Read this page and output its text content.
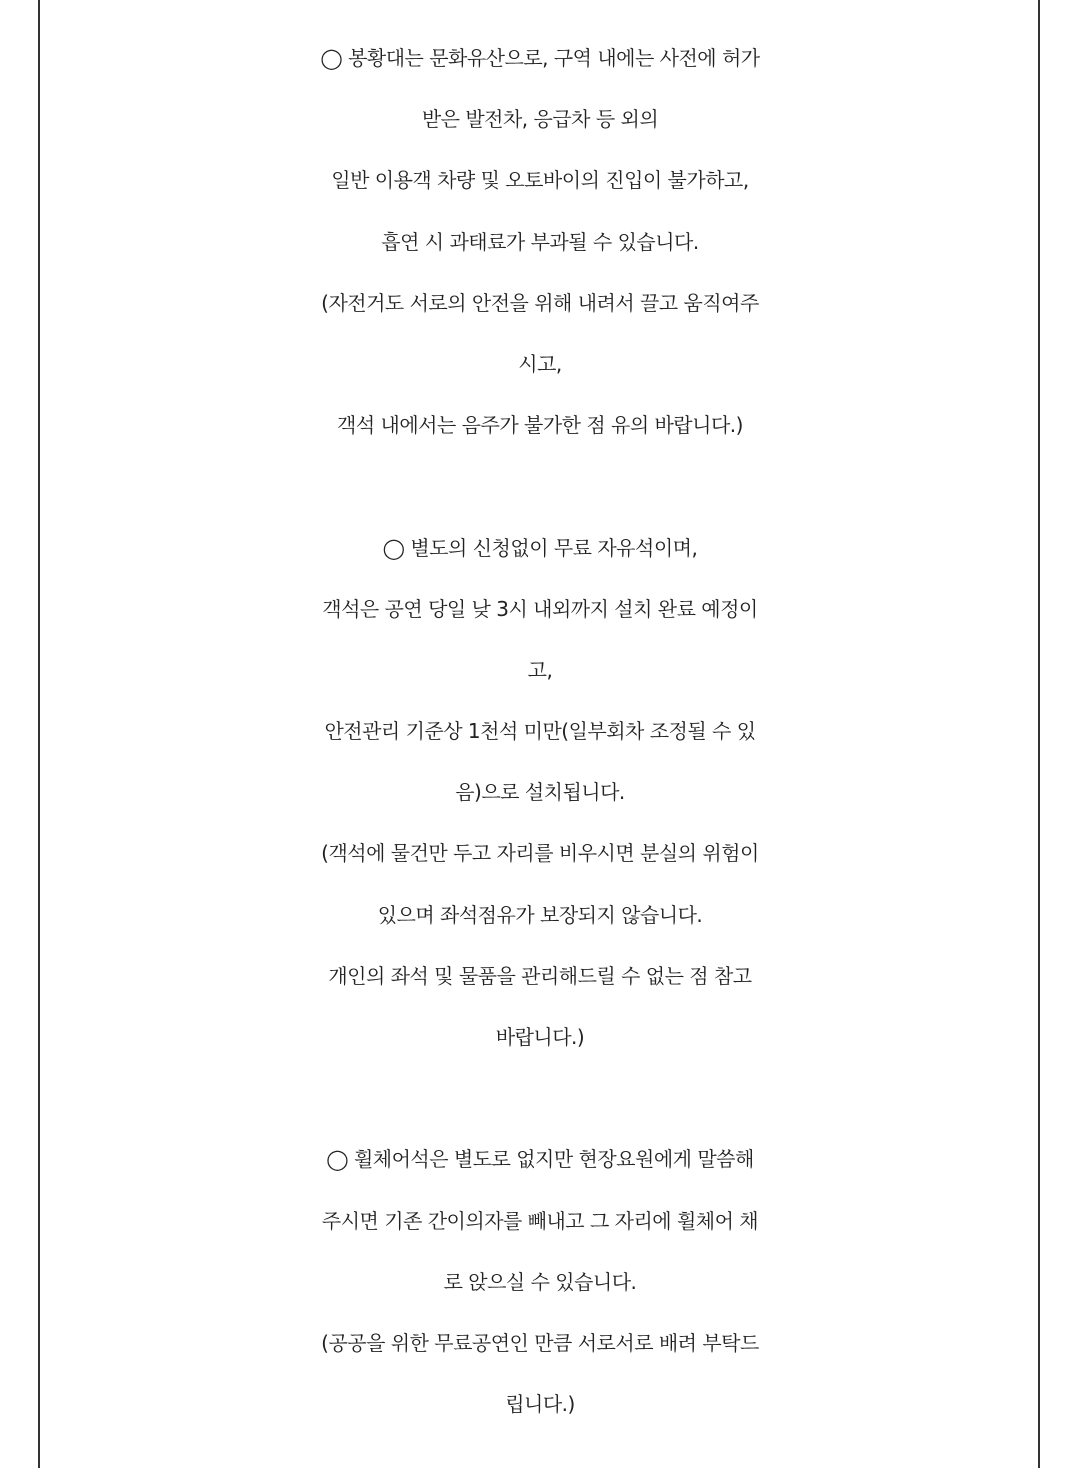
◯ 봉황대는 문화유산으로, 구역 내에는 사전에 허가
받은 발전차, 응급차 등 외의
일반 이용객 차량 및 오토바이의 진입이 불가하고,
흡연 시 과태료가 부과될 수 있습니다.
(자전거도 서로의 안전을 위해 내려서 끌고 움직여주
시고,
객석 내에서는 음주가 불가한 점 유의 바랍니다.)
◯ 별도의 신청없이 무료 자유석이며,
객석은 공연 당일 낮 3시 내외까지 설치 완료 예정이
고,
안전관리 기준상 1천석 미만(일부회차 조정될 수 있
음)으로 설치됩니다.
(객석에 물건만 두고 자리를 비우시면 분실의 위험이
있으며 좌석점유가 보장되지 않습니다.
개인의 좌석 및 물품을 관리해드릴 수 없는 점 참고
바랍니다.)
◯ 휠체어석은 별도로 없지만 현장요원에게 말씀해
주시면 기존 간이의자를 빼내고 그 자리에 휠체어 채
로 앉으실 수 있습니다.
(공공을 위한 무료공연인 만큼 서로서로 배려 부탁드
립니다.)
